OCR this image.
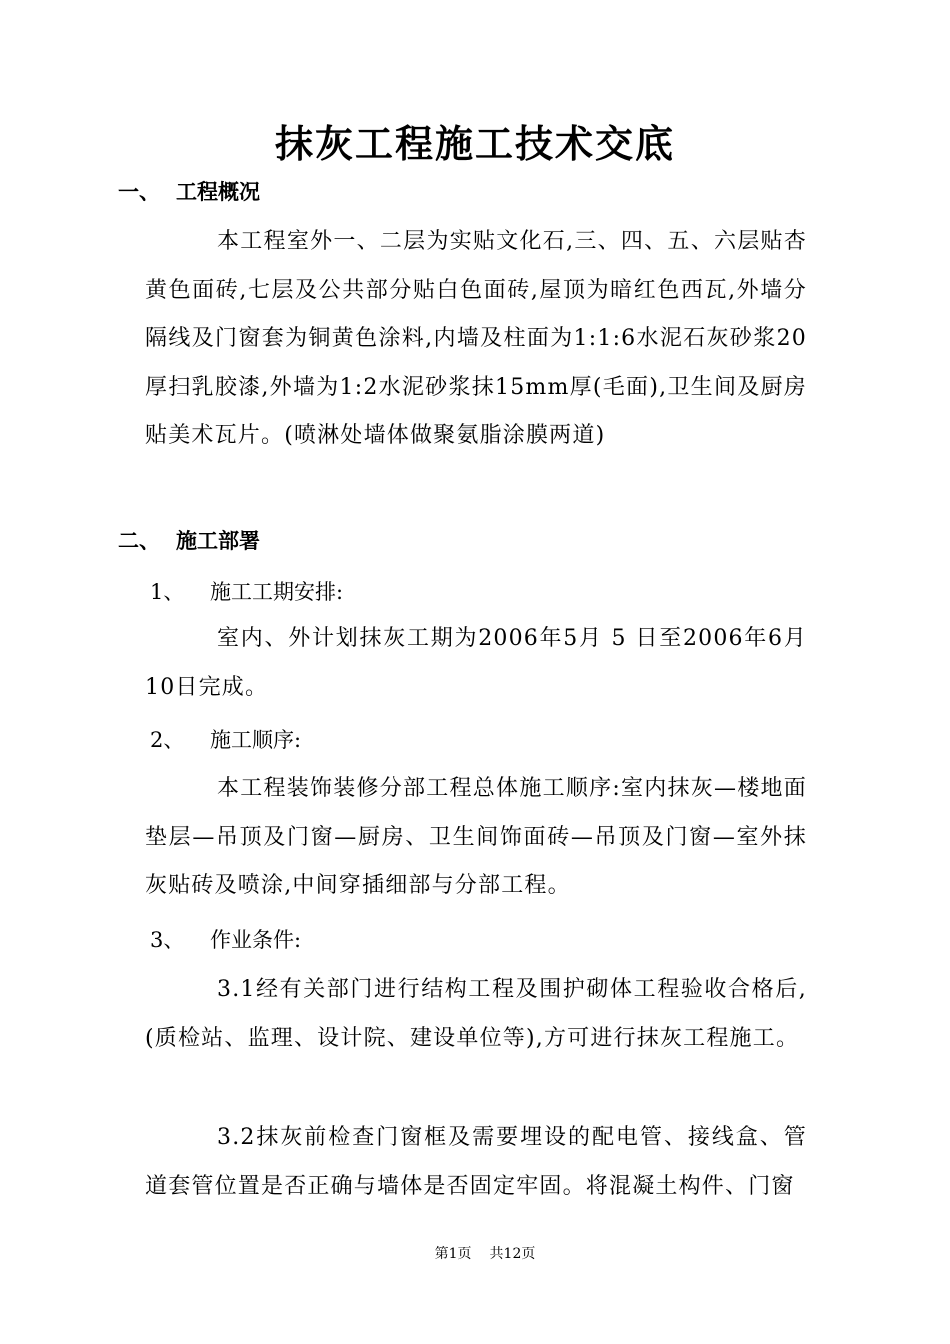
抹灰工程施工技术交底
一、 工程概况
本工程室外一、二层为实贴文化石,三、四、五、六层贴杏黄色面砖,七层及公共部分贴白色面砖,屋顶为暗红色西瓦,外墙分隔线及门窗套为铜黄色涂料,内墙及柱面为1:1:6水泥石灰砂浆20厚扫乳胶漆,外墙为1:2水泥砂浆抹15mm厚(毛面),卫生间及厨房贴美术瓦片。(喷淋处墙体做聚氨脂涂膜两道)
二、 施工部署
1、 施工工期安排:
室内、外计划抹灰工期为2006年5月 5 日至2006年6月10日完成。
2、 施工顺序:
本工程装饰装修分部工程总体施工顺序:室内抹灰—楼地面垫层—吊顶及门窗—厨房、卫生间饰面砖—吊顶及门窗—室外抹灰贴砖及喷涂,中间穿插细部与分部工程。
3、 作业条件:
3.1经有关部门进行结构工程及围护砌体工程验收合格后,(质检站、监理、设计院、建设单位等),方可进行抹灰工程施工。
3.2抹灰前检查门窗框及需要埋设的配电管、接线盒、管道套管位置是否正确与墙体是否固定牢固。将混凝土构件、门窗
第1页 共12页
